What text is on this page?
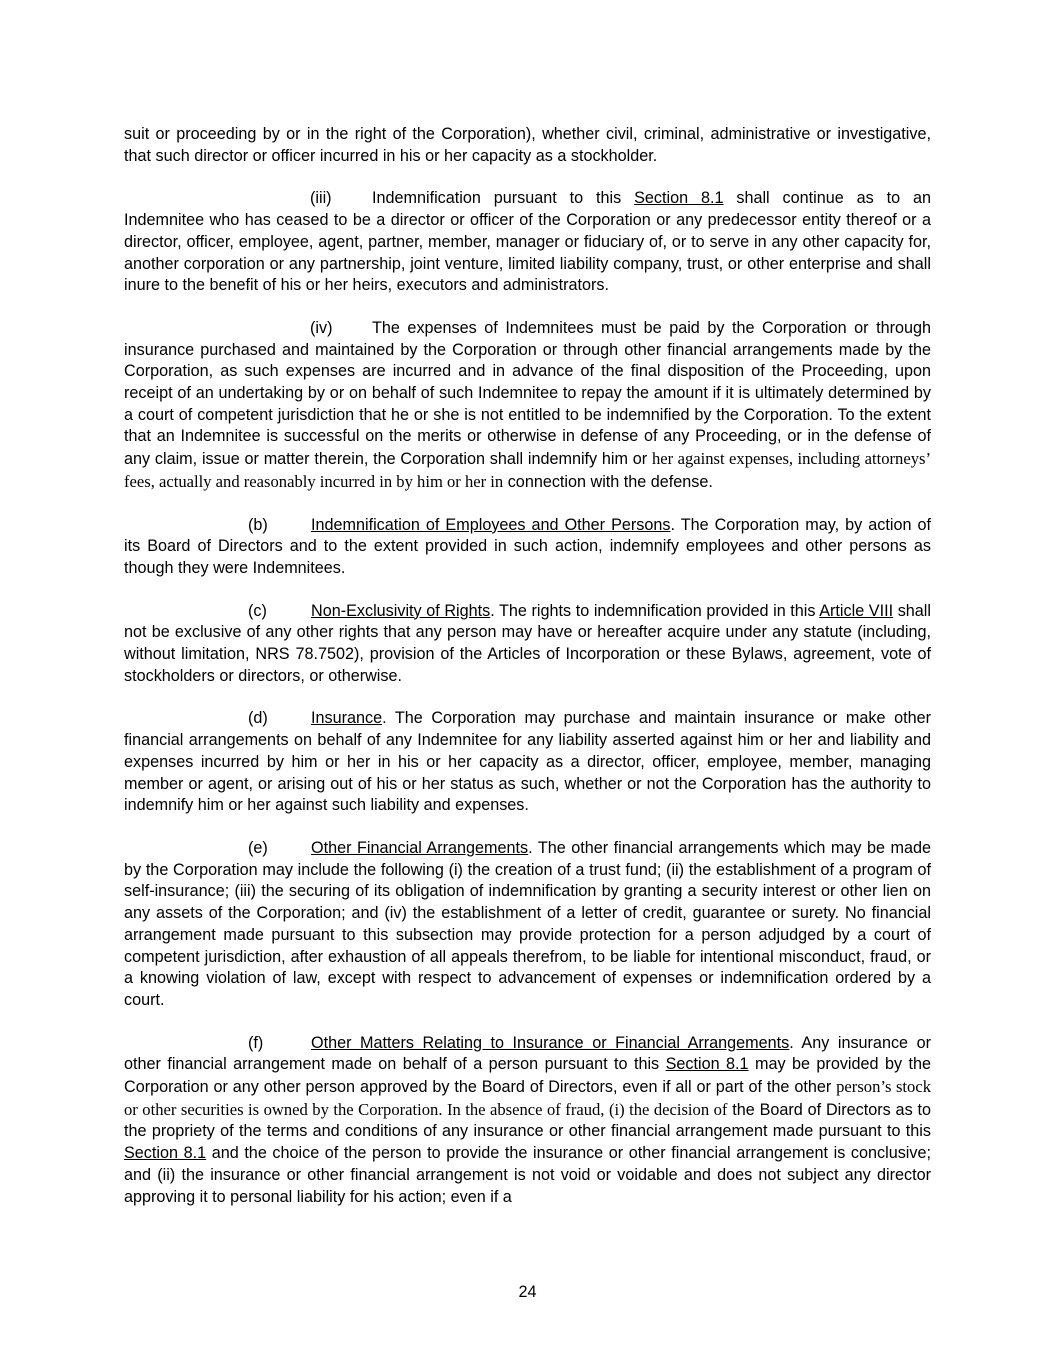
suit or proceeding by or in the right of the Corporation), whether civil, criminal, administrative or investigative, that such director or officer incurred in his or her capacity as a stockholder.

(iii) Indemnification pursuant to this Section 8.1 shall continue as to an Indemnitee who has ceased to be a director or officer of the Corporation or any predecessor entity thereof or a director, officer, employee, agent, partner, member, manager or fiduciary of, or to serve in any other capacity for, another corporation or any partnership, joint venture, limited liability company, trust, or other enterprise and shall inure to the benefit of his or her heirs, executors and administrators.

(iv) The expenses of Indemnitees must be paid by the Corporation or through insurance purchased and maintained by the Corporation or through other financial arrangements made by the Corporation, as such expenses are incurred and in advance of the final disposition of the Proceeding, upon receipt of an undertaking by or on behalf of such Indemnitee to repay the amount if it is ultimately determined by a court of competent jurisdiction that he or she is not entitled to be indemnified by the Corporation. To the extent that an Indemnitee is successful on the merits or otherwise in defense of any Proceeding, or in the defense of any claim, issue or matter therein, the Corporation shall indemnify him or her against expenses, including attorneys’ fees, actually and reasonably incurred in by him or her in connection with the defense.

(b)	Indemnification of Employees and Other Persons. The Corporation may, by action of its Board of Directors and to the extent provided in such action, indemnify employees and other persons as though they were Indemnitees.

(c)	Non-Exclusivity of Rights. The rights to indemnification provided in this Article VIII shall not be exclusive of any other rights that any person may have or hereafter acquire under any statute (including, without limitation, NRS 78.7502), provision of the Articles of Incorporation or these Bylaws, agreement, vote of stockholders or directors, or otherwise.

(d)	Insurance. The Corporation may purchase and maintain insurance or make other financial arrangements on behalf of any Indemnitee for any liability asserted against him or her and liability and expenses incurred by him or her in his or her capacity as a director, officer, employee, member, managing member or agent, or arising out of his or her status as such, whether or not the Corporation has the authority to indemnify him or her against such liability and expenses.

(e)	Other Financial Arrangements. The other financial arrangements which may be made by the Corporation may include the following (i) the creation of a trust fund; (ii) the establishment of a program of self-insurance; (iii) the securing of its obligation of indemnification by granting a security interest or other lien on any assets of the Corporation; and (iv) the establishment of a letter of credit, guarantee or surety. No financial arrangement made pursuant to this subsection may provide protection for a person adjudged by a court of competent jurisdiction, after exhaustion of all appeals therefrom, to be liable for intentional misconduct, fraud, or a knowing violation of law, except with respect to advancement of expenses or indemnification ordered by a court.

(f)	Other Matters Relating to Insurance or Financial Arrangements. Any insurance or other financial arrangement made on behalf of a person pursuant to this Section 8.1 may be provided by the Corporation or any other person approved by the Board of Directors, even if all or part of the other person’s stock or other securities is owned by the Corporation. In the absence of fraud, (i) the decision of the Board of Directors as to the propriety of the terms and conditions of any insurance or other financial arrangement made pursuant to this Section 8.1 and the choice of the person to provide the insurance or other financial arrangement is conclusive; and (ii) the insurance or other financial arrangement is not void or voidable and does not subject any director approving it to personal liability for his action; even if a

24
